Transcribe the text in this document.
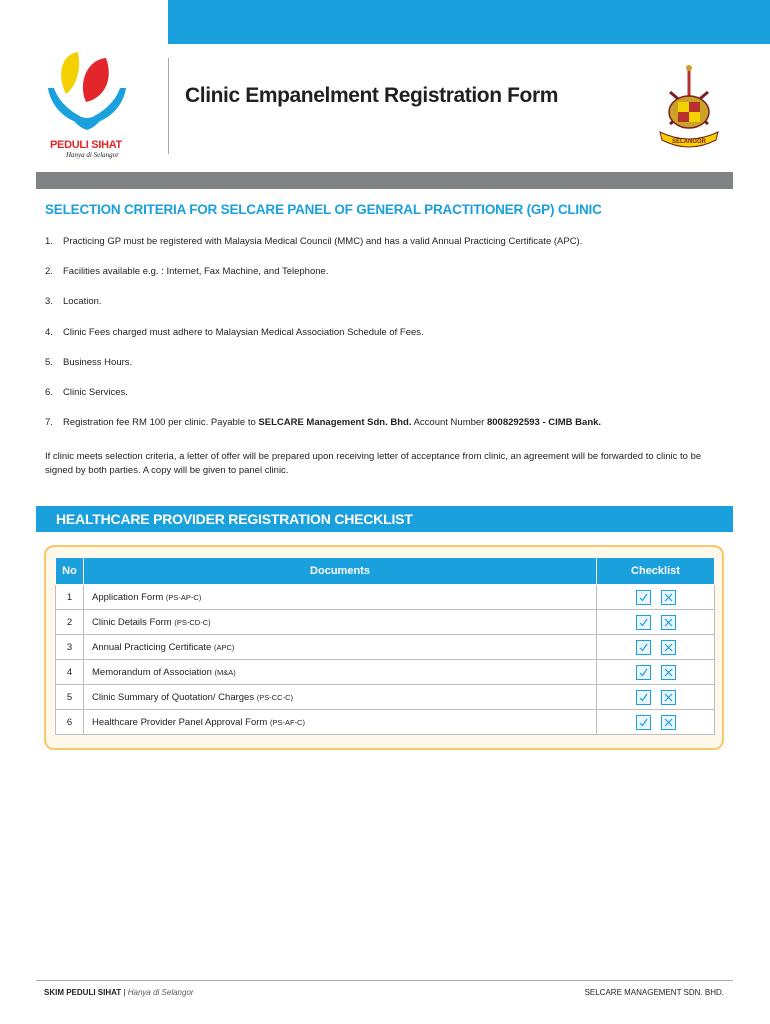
PEDULI SIHAT
Hanya di Selangor
Clinic Empanelment Registration Form
SELANGOR
SELECTION CRITERIA FOR SELCARE PANEL OF GENERAL PRACTITIONER (GP) CLINIC
1.	Practicing GP must be registered with Malaysia Medical Council (MMC) and has a valid Annual Practicing Certificate (APC).
2.	Facilities available e.g. : Internet, Fax Machine, and Telephone.
3.	Location.
4.	Clinic Fees charged must adhere to Malaysian Medical Association Schedule of Fees.
5.	Business Hours.
6.	Clinic Services.
7.	Registration fee RM 100 per clinic. Payable to SELCARE Management Sdn. Bhd. Account Number 8008292593 - CIMB Bank.
If clinic meets selection criteria, a letter of offer will be prepared upon receiving letter of acceptance from clinic, an agreement will be forwarded to clinic to be signed by both parties. A copy will be given to panel clinic.
HEALTHCARE PROVIDER REGISTRATION CHECKLIST
No	Documents	Checklist
1	Application Form (PS-AP-C)	

2	Clinic Details Form (PS-CD-C)	

3	Annual Practicing Certificate (APC)	

4	Memorandum of Association (M&A)	

5	Clinic Summary of Quotation/ Charges (PS-CC-C)	

6	Healthcare Provider Panel Approval Form (PS-AF-C)	
SKIM PEDULI SIHAT | Hanya di Selangor	SELCARE MANAGEMENT SDN. BHD.
